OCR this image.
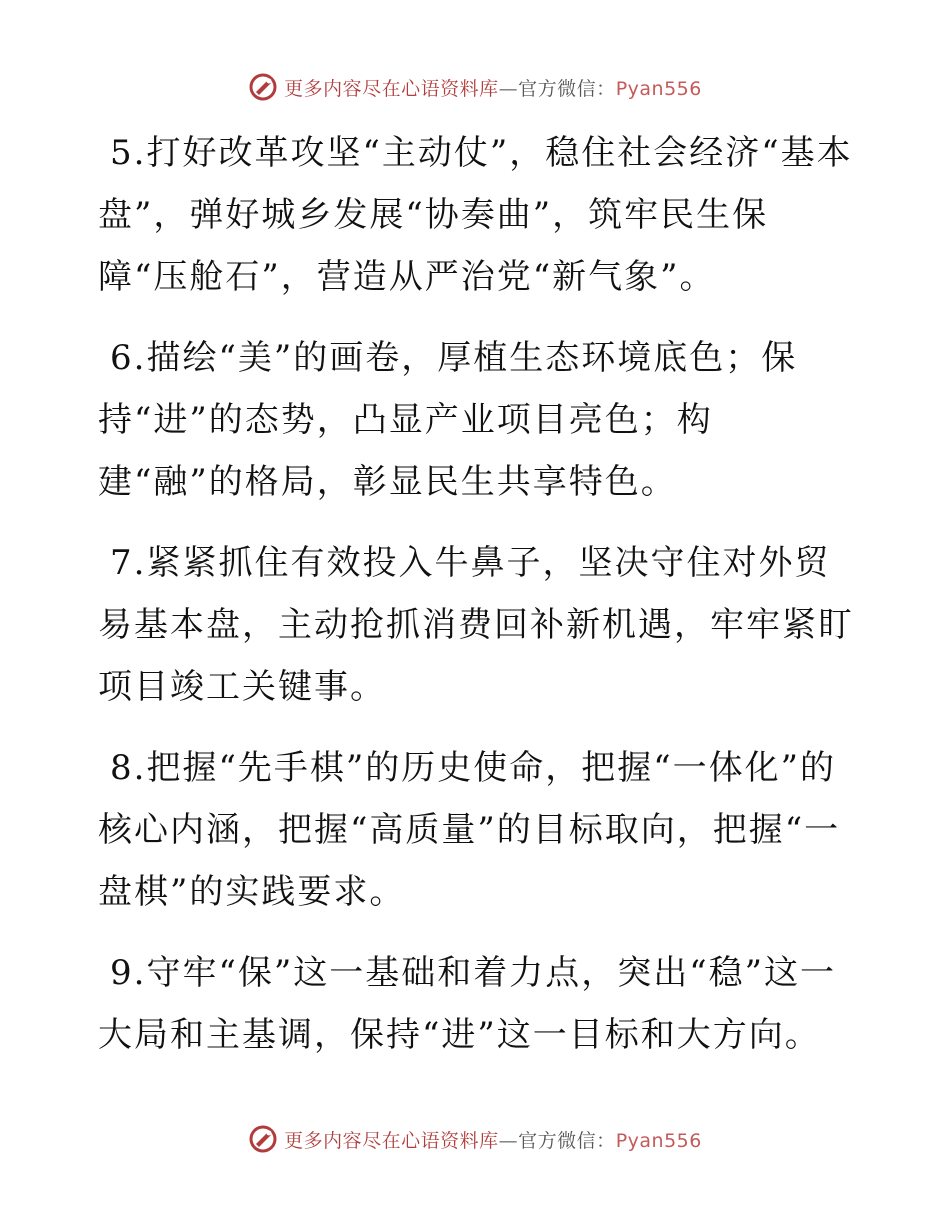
更多内容尽在心语资料库—官方微信：Pyan556

5.打好改革攻坚“主动仗”，稳住社会经济“基本盘”，弹好城乡发展“协奏曲”，筑牢民生保障“压舱石”，营造从严治党“新气象”。

6.描绘“美”的画卷，厚植生态环境底色；保持“进”的态势，凸显产业项目亮色；构建“融”的格局，彰显民生共享特色。

7.紧紧抓住有效投入牛鼻子，坚决守住对外贸易基本盘，主动抢抓消费回补新机遇，牢牢紧盯项目竣工关键事。

8.把握“先手棋”的历史使命，把握“一体化”的核心内涵，把握“高质量”的目标取向，把握“一盘棋”的实践要求。

9.守牢“保”这一基础和着力点，突出“稳”这一大局和主基调，保持“进”这一目标和大方向。

更多内容尽在心语资料库—官方微信：Pyan556
